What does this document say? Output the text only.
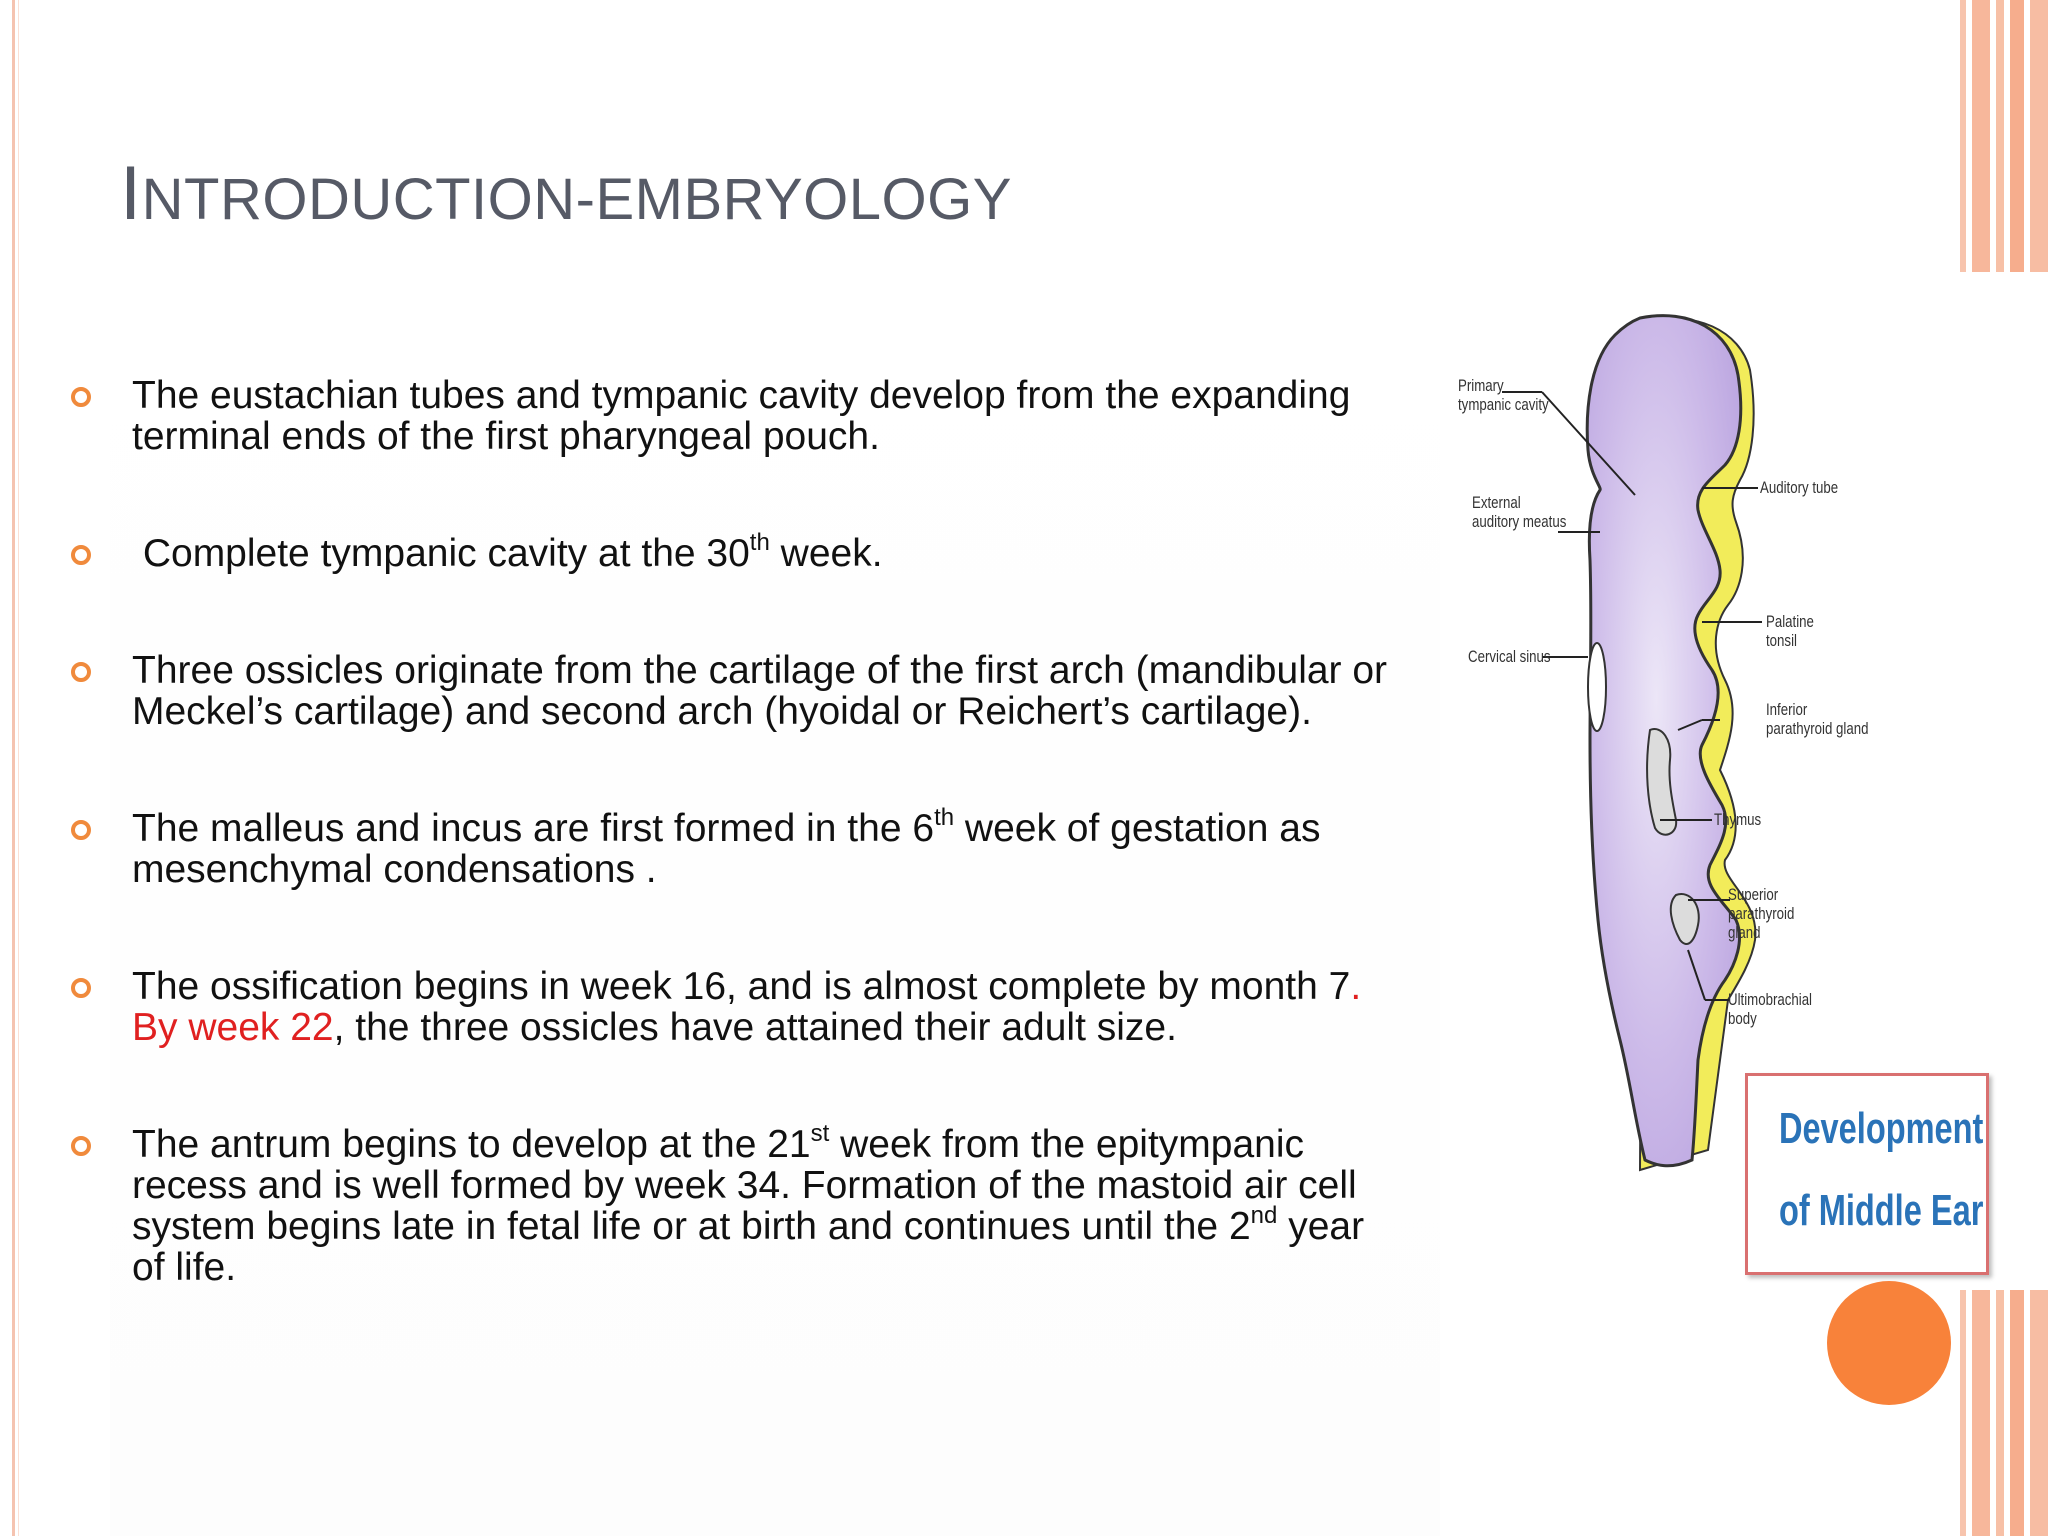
INTRODUCTION-EMBRYOLOGY
The eustachian tubes and tympanic cavity develop from the expanding terminal ends of the first pharyngeal pouch.
Complete tympanic cavity at the 30th week.
Three ossicles originate from the cartilage of the first arch (mandibular or Meckel’s cartilage) and second arch (hyoidal or Reichert’s cartilage).
The malleus and incus are first formed in the 6th week of gestation as mesenchymal condensations .
The ossification begins in week 16, and is almost complete by month 7. By week 22, the three ossicles have attained their adult size.
The antrum begins to develop at the 21st week from the epitympanic recess and is well formed by week 34. Formation of the mastoid air cell system begins late in fetal life or at birth and continues until the 2nd year of life.
Primary
tympanic cavity
External
auditory meatus
Cervical sinus
Auditory tube
Palatine
tonsil
Inferior
parathyroid gland
Thymus
Superior
parathyroid
gland
Ultimobrachial
body
Development
of Middle Ear
